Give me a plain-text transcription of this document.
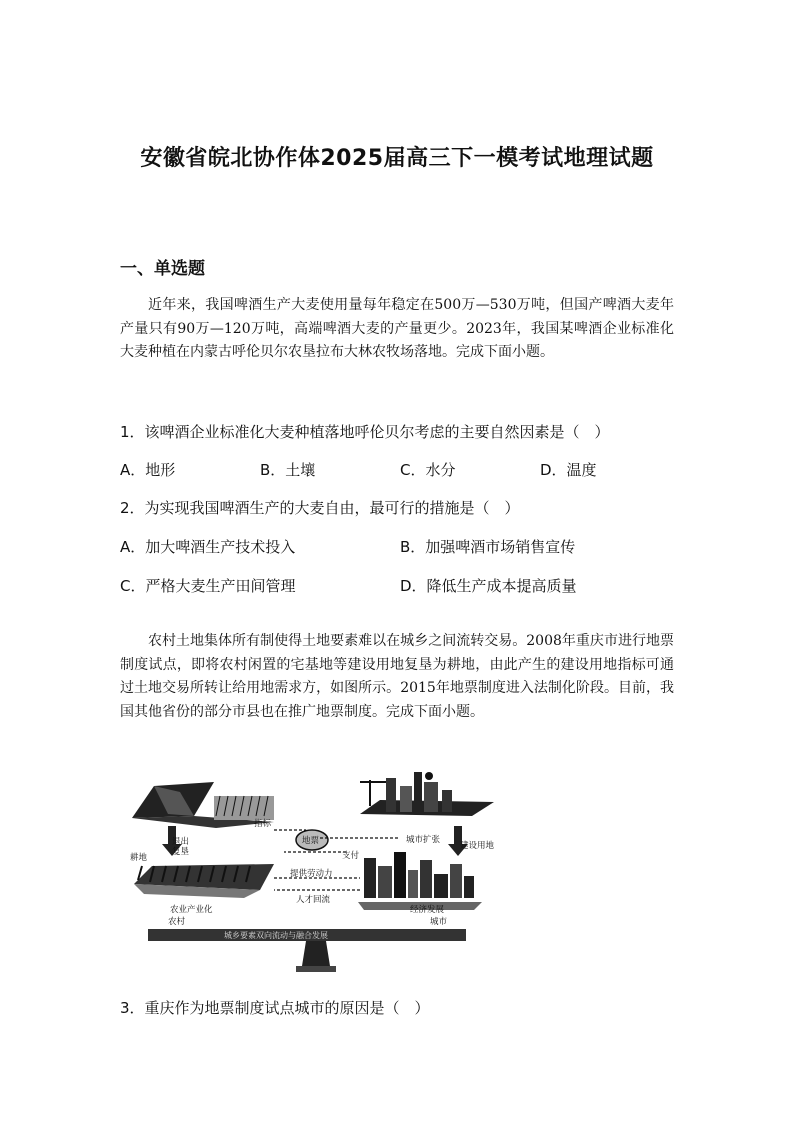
安徽省皖北协作体2025届高三下一模考试地理试题
一、单选题
近年来，我国啤酒生产大麦使用量每年稳定在500万—530万吨，但国产啤酒大麦年产量只有90万—120万吨，高端啤酒大麦的产量更少。2023年，我国某啤酒企业标准化大麦种植在内蒙古呼伦贝尔农垦拉布大林农牧场落地。完成下面小题。
1．该啤酒企业标准化大麦种植落地呼伦贝尔考虑的主要自然因素是（　）
A．地形	B．土壤	C．水分	D．温度
2．为实现我国啤酒生产的大麦自由，最可行的措施是（　）
A．加大啤酒生产技术投入	B．加强啤酒市场销售宣传
C．严格大麦生产田间管理	D．降低生产成本提高质量
农村土地集体所有制使得土地要素难以在城乡之间流转交易。2008年重庆市进行地票制度试点，即将农村闲置的宅基地等建设用地复垦为耕地，由此产生的建设用地指标可通过土地交易所转让给用地需求方，如图所示。2015年地票制度进入法制化阶段。目前，我国其他省份的部分市县也在推广地票制度。完成下面小题。
退出
复垦
耕地
指标
地票
支付
城市扩张
建设用地
提供劳动力
人才回流
农业产业化
农村
经济发展
城市
城乡要素双向流动与融合发展
3．重庆作为地票制度试点城市的原因是（　）
